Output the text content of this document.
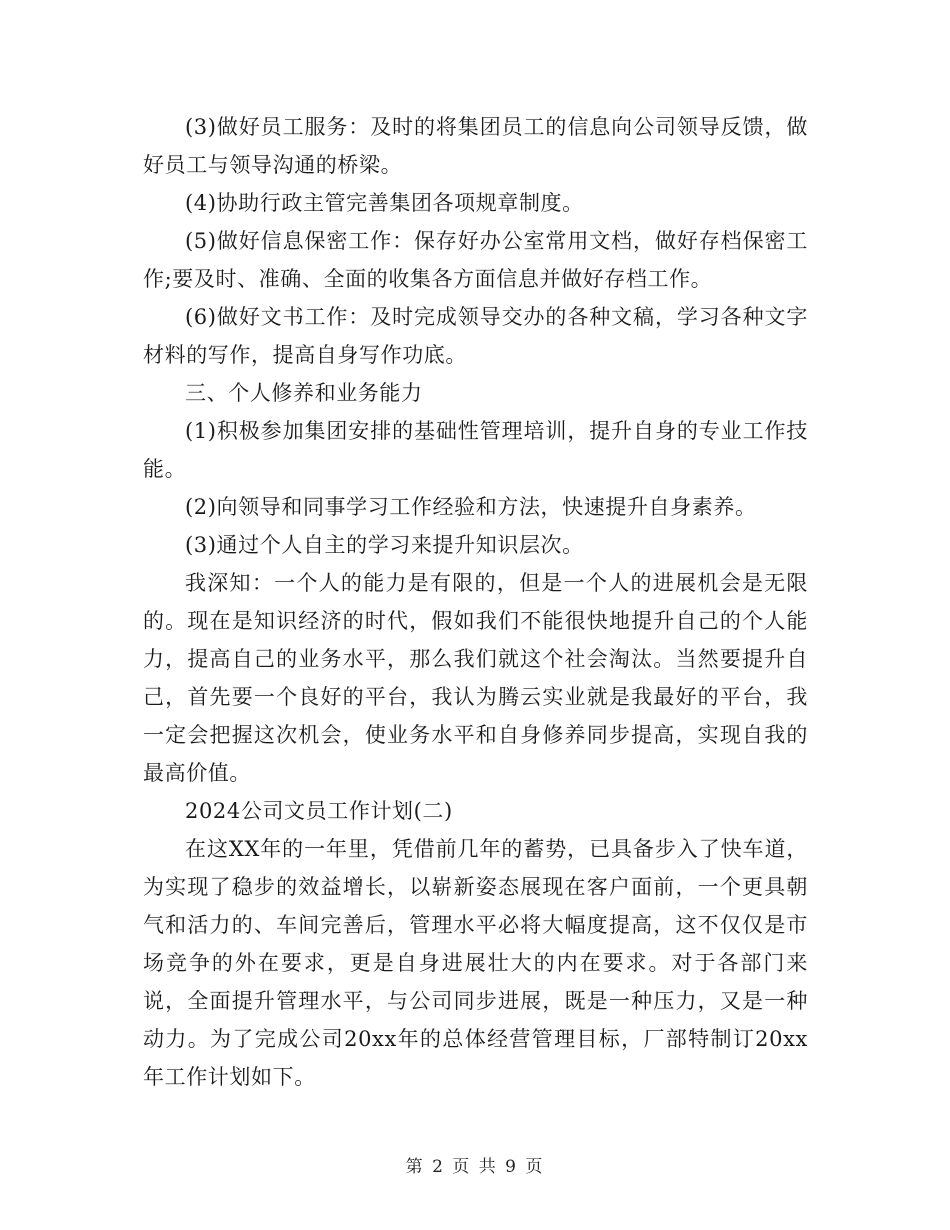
(3)做好员工服务：及时的将集团员工的信息向公司领导反馈，做好员工与领导沟通的桥梁。

(4)协助行政主管完善集团各项规章制度。

(5)做好信息保密工作：保存好办公室常用文档，做好存档保密工作;要及时、准确、全面的收集各方面信息并做好存档工作。

(6)做好文书工作：及时完成领导交办的各种文稿，学习各种文字材料的写作，提高自身写作功底。

三、个人修养和业务能力

(1)积极参加集团安排的基础性管理培训，提升自身的专业工作技能。

(2)向领导和同事学习工作经验和方法，快速提升自身素养。

(3)通过个人自主的学习来提升知识层次。

我深知：一个人的能力是有限的，但是一个人的进展机会是无限的。现在是知识经济的时代，假如我们不能很快地提升自己的个人能力，提高自己的业务水平，那么我们就这个社会淘汰。当然要提升自己，首先要一个良好的平台，我认为腾云实业就是我最好的平台，我一定会把握这次机会，使业务水平和自身修养同步提高，实现自我的最高价值。

2024公司文员工作计划(二)

在这XX年的一年里，凭借前几年的蓄势，已具备步入了快车道，为实现了稳步的效益增长，以崭新姿态展现在客户面前，一个更具朝气和活力的、车间完善后，管理水平必将大幅度提高，这不仅仅是市场竞争的外在要求，更是自身进展壮大的内在要求。对于各部门来说，全面提升管理水平，与公司同步进展，既是一种压力，又是一种动力。为了完成公司20xx年的总体经营管理目标，厂部特制订20xx年工作计划如下。

第 2 页 共 9 页
